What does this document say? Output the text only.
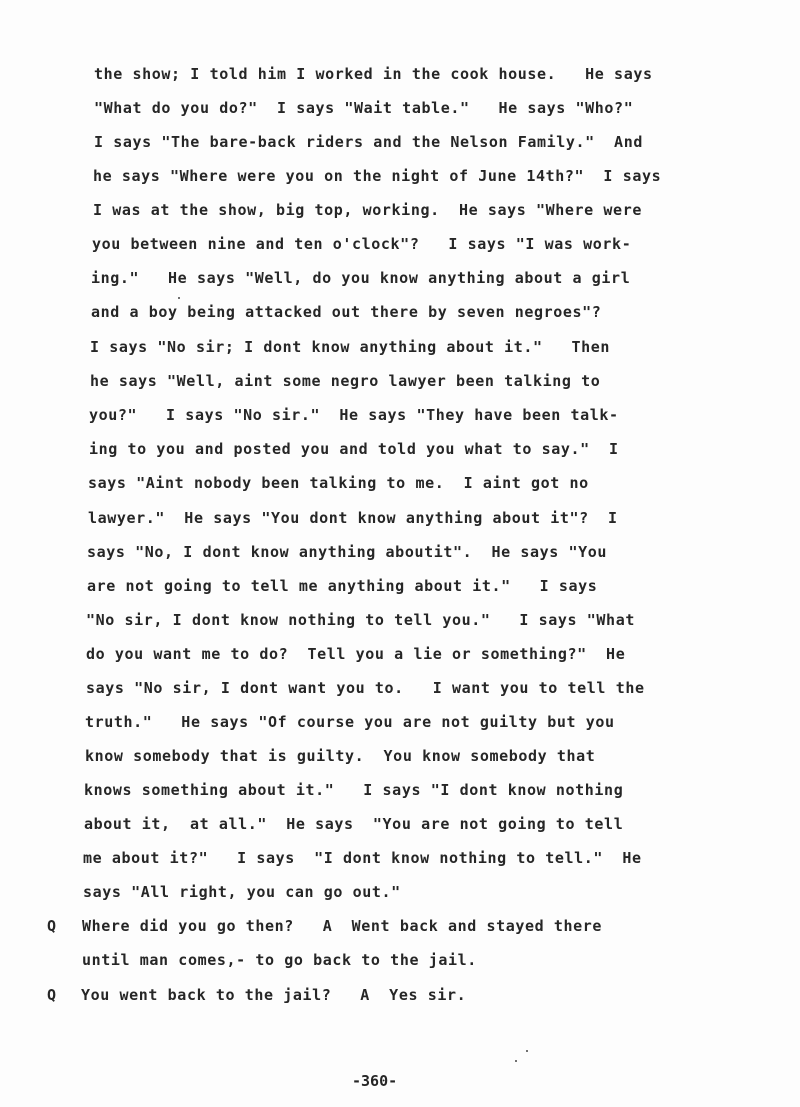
the show; I told him I worked in the cook house.   He says
"What do you do?"  I says "Wait table."   He says "Who?"
I says "The bare-back riders and the Nelson Family."  And
he says "Where were you on the night of June 14th?"  I says
I was at the show, big top, working.  He says "Where were
you between nine and ten o'clock"?   I says "I was work-
ing."   He says "Well, do you know anything about a girl
and a boy being attacked out there by seven negroes"?
I says "No sir; I dont know anything about it."   Then
he says "Well, aint some negro lawyer been talking to
you?"   I says "No sir."  He says "They have been talk-
ing to you and posted you and told you what to say."  I
says "Aint nobody been talking to me.  I aint got no
lawyer."  He says "You dont know anything about it"?  I
says "No, I dont know anything aboutit".  He says "You
are not going to tell me anything about it."   I says
"No sir, I dont know nothing to tell you."   I says "What
do you want me to do?  Tell you a lie or something?"  He
says "No sir, I dont want you to.   I want you to tell the
truth."   He says "Of course you are not guilty but you
know somebody that is guilty.  You know somebody that
knows something about it."   I says "I dont know nothing
about it,  at all."  He says  "You are not going to tell
me about it?"   I says  "I dont know nothing to tell."  He
says "All right, you can go out."
Q Where did you go then?   A  Went back and stayed there
until man comes,- to go back to the jail.
Q You went back to the jail?   A  Yes sir.
-360-
